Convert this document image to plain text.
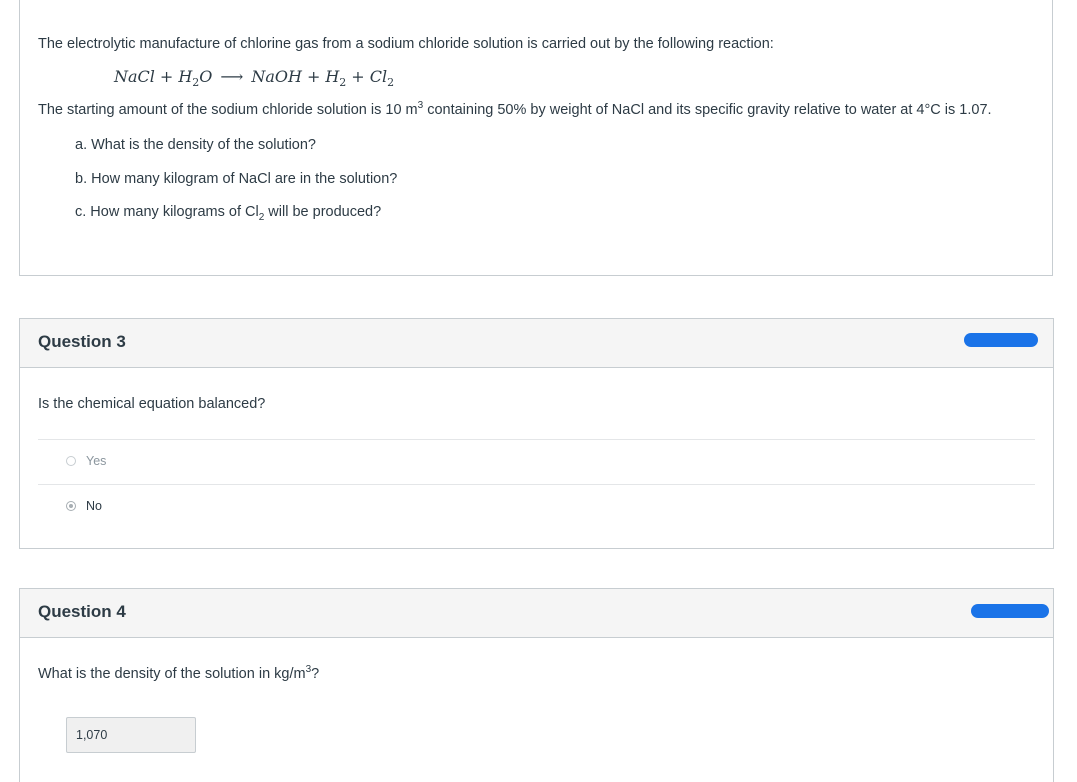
The electrolytic manufacture of chlorine gas from a sodium chloride solution is carried out by the following reaction:
NaCl + $H_2O$ ⟶ NaOH + $H_2 + Cl_2$
The starting amount of the sodium chloride solution is 10 $m^3$ containing 50% by weight of NaCl and its specific gravity relative to water at 4°C is 1.07.
a. What is the density of the solution?
b. How many kilogram of NaCl are in the solution?
c. How many kilograms of $Cl_2$ will be produced?
Question 3
Is the chemical equation balanced?
Yes
No
Question 4
What is the density of the solution in $kg/m^3$?
1,070
